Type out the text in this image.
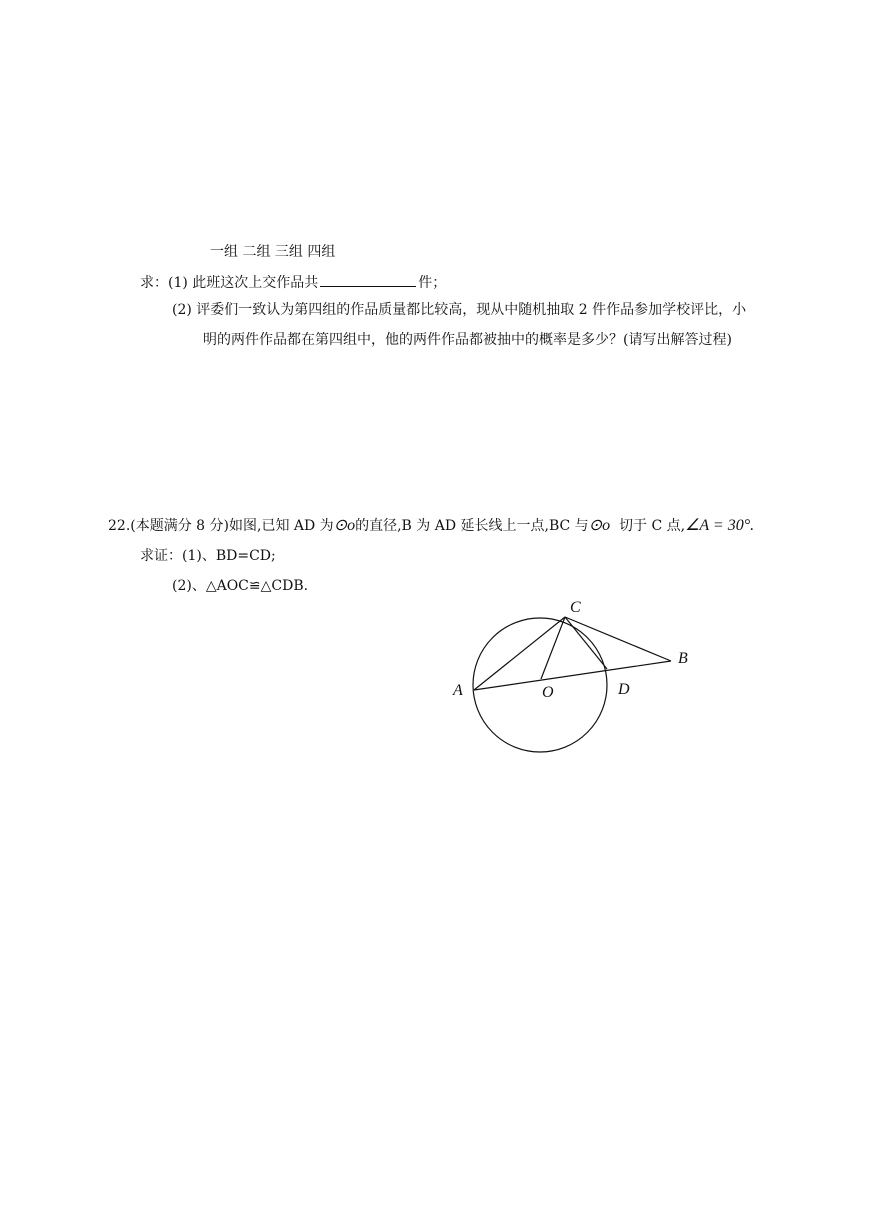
一组 二组 三组 四组
求：(1) 此班这次上交作品共	件；
(2) 评委们一致认为第四组的作品质量都比较高，现从中随机抽取 2 件作品参加学校评比，小
明的两件作品都在第四组中，他的两件作品都被抽中的概率是多少？(请写出解答过程)
22.(本题满分 8 分)如图,已知 AD 为⊙o的直径,B 为 AD 延长线上一点,BC 与⊙o 切于 C 点,∠A = 30°.
求证：(1)、BD=CD;
(2)、△AOC≌△CDB.
A	O	D
B
C
